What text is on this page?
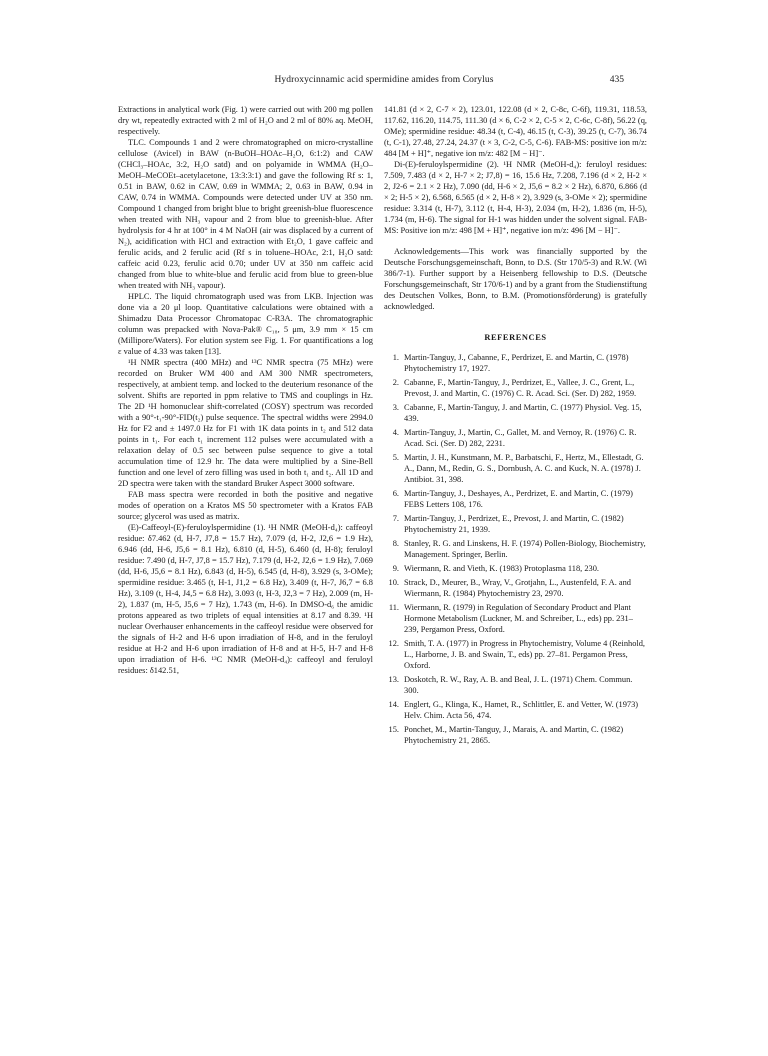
Hydroxycinnamic acid spermidine amides from Corylus	435

Extractions in analytical work (Fig. 1) were carried out with 200 mg pollen dry wt, repeatedly extracted with 2 ml of H₂O and 2 ml of 80% aq. MeOH, respectively.

TLC. Compounds 1 and 2 were chromatographed on micro-crystalline cellulose (Avicel) in BAW (n-BuOH–HOAc–H₂O, 6:1:2) and CAW (CHCl₃–HOAc, 3:2, H₂O satd) and on polyamide in WMMA (H₂O–MeOH–MeCOEt–acetylacetone, 13:3:3:1) and gave the following Rf s: 1, 0.51 in BAW, 0.62 in CAW, 0.69 in WMMA; 2, 0.63 in BAW, 0.94 in CAW, 0.74 in WMMA. Compounds were detected under UV at 350 nm. Compound 1 changed from bright blue to bright greenish-blue fluorescence when treated with NH₃ vapour and 2 from blue to greenish-blue. After hydrolysis for 4 hr at 100° in 4 M NaOH (air was displaced by a current of N₂), acidification with HCl and extraction with Et₂O, 1 gave caffeic and ferulic acids, and 2 ferulic acid (Rf s in toluene–HOAc, 2:1, H₂O satd: caffeic acid 0.23, ferulic acid 0.70; under UV at 350 nm caffeic acid changed from blue to white-blue and ferulic acid from blue to green-blue when treated with NH₃ vapour).

HPLC. The liquid chromatograph used was from LKB. Injection was done via a 20 μl loop. Quantitative calculations were obtained with a Shimadzu Data Processor Chromatopac C-R3A. The chromatographic column was prepacked with Nova-Pak® C₁₈, 5 μm, 3.9 mm × 15 cm (Millipore/Waters). For elution system see Fig. 1. For quantifications a log ε value of 4.33 was taken [13].

¹H NMR spectra (400 MHz) and ¹³C NMR spectra (75 MHz) were recorded on Bruker WM 400 and AM 300 NMR spectrometers, respectively, at ambient temp. and locked to the deuterium resonance of the solvent. Shifts are reported in ppm relative to TMS and couplings in Hz. The 2D ¹H homonuclear shift-correlated (COSY) spectrum was recorded with a 90°-t₁-90°-FID(t₂) pulse sequence. The spectral widths were 2994.0 Hz for F2 and ± 1497.0 Hz for F1 with 1K data points in t₂ and 512 data points in t₁. For each t₁ increment 112 pulses were accumulated with a relaxation delay of 0.5 sec between pulse sequence to give a total accumulation time of 12.9 hr. The data were multiplied by a Sine-Bell function and one level of zero filling was used in both t₁ and t₂. All 1D and 2D spectra were taken with the standard Bruker Aspect 3000 software.

FAB mass spectra were recorded in both the positive and negative modes of operation on a Kratos MS 50 spectrometer with a Kratos FAB source; glycerol was used as matrix.

(E)-Caffeoyl-(E)-feruloylspermidine (1). ¹H NMR (MeOH-d₄): caffeoyl residue: δ7.462 (d, H-7, J7,8 = 15.7 Hz), 7.079 (d, H-2, J2,6 = 1.9 Hz), 6.946 (dd, H-6, J5,6 = 8.1 Hz), 6.810 (d, H-5), 6.460 (d, H-8); feruloyl residue: 7.490 (d, H-7, J7,8 = 15.7 Hz), 7.179 (d, H-2, J2,6 = 1.9 Hz), 7.069 (dd, H-6, J5,6 = 8.1 Hz), 6.843 (d, H-5), 6.545 (d, H-8), 3.929 (s, 3-OMe); spermidine residue: 3.465 (t, H-1, J1,2 = 6.8 Hz), 3.409 (t, H-7, J6,7 = 6.8 Hz), 3.109 (t, H-4, J4,5 = 6.8 Hz), 3.093 (t, H-3, J2,3 = 7 Hz), 2.009 (m, H-2), 1.837 (m, H-5, J5,6 = 7 Hz), 1.743 (m, H-6). In DMSO-d₆ the amidic protons appeared as two triplets of equal intensities at 8.17 and 8.39. ¹H nuclear Overhauser enhancements in the caffeoyl residue were observed for the signals of H-2 and H-6 upon irradiation of H-8, and in the feruloyl residue at H-2 and H-6 upon irradiation of H-8 and at H-5, H-7 and H-8 upon irradiation of H-6. ¹³C NMR (MeOH-d₄): caffeoyl and feruloyl residues: δ142.51,

141.81 (d × 2, C-7 × 2), 123.01, 122.08 (d × 2, C-8c, C-6f), 119.31, 118.53, 117.62, 116.20, 114.75, 111.30 (d × 6, C-2 × 2, C-5 × 2, C-6c, C-8f), 56.22 (q, OMe); spermidine residue: 48.34 (t, C-4), 46.15 (t, C-3), 39.25 (t, C-7), 36.74 (t, C-1), 27.48, 27.24, 24.37 (t × 3, C-2, C-5, C-6). FAB-MS: positive ion m/z: 484 [M + H]⁺, negative ion m/z: 482 [M − H]⁻.

Di-(E)-feruloylspermidine (2). ¹H NMR (MeOH-d₄): feruloyl residues: 7.509, 7.483 (d × 2, H-7 × 2; J7,8) = 16, 15.6 Hz, 7.208, 7.196 (d × 2, H-2 × 2, J2-6 = 2.1 × 2 Hz), 7.090 (dd, H-6 × 2, J5,6 = 8.2 × 2 Hz), 6.870, 6.866 (d × 2; H-5 × 2), 6.568, 6.565 (d × 2, H-8 × 2), 3.929 (s, 3-OMe × 2); spermidine residue: 3.314 (t, H-7), 3.112 (t, H-4, H-3), 2.034 (m, H-2), 1.836 (m, H-5), 1.734 (m, H-6). The signal for H-1 was hidden under the solvent signal. FAB-MS: Positive ion m/z: 498 [M + H]⁺, negative ion m/z: 496 [M − H]⁻.

Acknowledgements—This work was financially supported by the Deutsche Forschungsgemeinschaft, Bonn, to D.S. (Str 170/5-3) and R.W. (Wi 386/7-1). Further support by a Heisenberg fellowship to D.S. (Deutsche Forschungsgemeinschaft, Str 170/6-1) and by a grant from the Studienstiftung des Deutschen Volkes, Bonn, to B.M. (Promotionsförderung) is gratefully acknowledged.

REFERENCES
1. Martin-Tanguy, J., Cabanne, F., Perdrizet, E. and Martin, C. (1978) Phytochemistry 17, 1927.
2. Cabanne, F., Martin-Tanguy, J., Perdrizet, E., Vallee, J. C., Grent, L., Prevost, J. and Martin, C. (1976) C. R. Acad. Sci. (Ser. D) 282, 1959.
3. Cabanne, F., Martin-Tanguy, J. and Martin, C. (1977) Physiol. Veg. 15, 439.
4. Martin-Tanguy, J., Martin, C., Gallet, M. and Vernoy, R. (1976) C. R. Acad. Sci. (Ser. D) 282, 2231.
5. Martin, J. H., Kunstmann, M. P., Barbatschi, F., Hertz, M., Ellestadt, G. A., Dann, M., Redin, G. S., Dornbush, A. C. and Kuck, N. A. (1978) J. Antibiot. 31, 398.
6. Martin-Tanguy, J., Deshayes, A., Perdrizet, E. and Martin, C. (1979) FEBS Letters 108, 176.
7. Martin-Tanguy, J., Perdrizet, E., Prevost, J. and Martin, C. (1982) Phytochemistry 21, 1939.
8. Stanley, R. G. and Linskens, H. F. (1974) Pollen-Biology, Biochemistry, Management. Springer, Berlin.
9. Wiermann, R. and Vieth, K. (1983) Protoplasma 118, 230.
10. Strack, D., Meurer, B., Wray, V., Grotjahn, L., Austenfeld, F. A. and Wiermann, R. (1984) Phytochemistry 23, 2970.
11. Wiermann, R. (1979) in Regulation of Secondary Product and Plant Hormone Metabolism (Luckner, M. and Schreiber, L., eds) pp. 231–239, Pergamon Press, Oxford.
12. Smith, T. A. (1977) in Progress in Phytochemistry, Volume 4 (Reinhold, L., Harborne, J. B. and Swain, T., eds) pp. 27–81. Pergamon Press, Oxford.
13. Doskotch, R. W., Ray, A. B. and Beal, J. L. (1971) Chem. Commun. 300.
14. Englert, G., Klinga, K., Hamet, R., Schlittler, E. and Vetter, W. (1973) Helv. Chim. Acta 56, 474.
15. Ponchet, M., Martin-Tanguy, J., Marais, A. and Martin, C. (1982) Phytochemistry 21, 2865.
